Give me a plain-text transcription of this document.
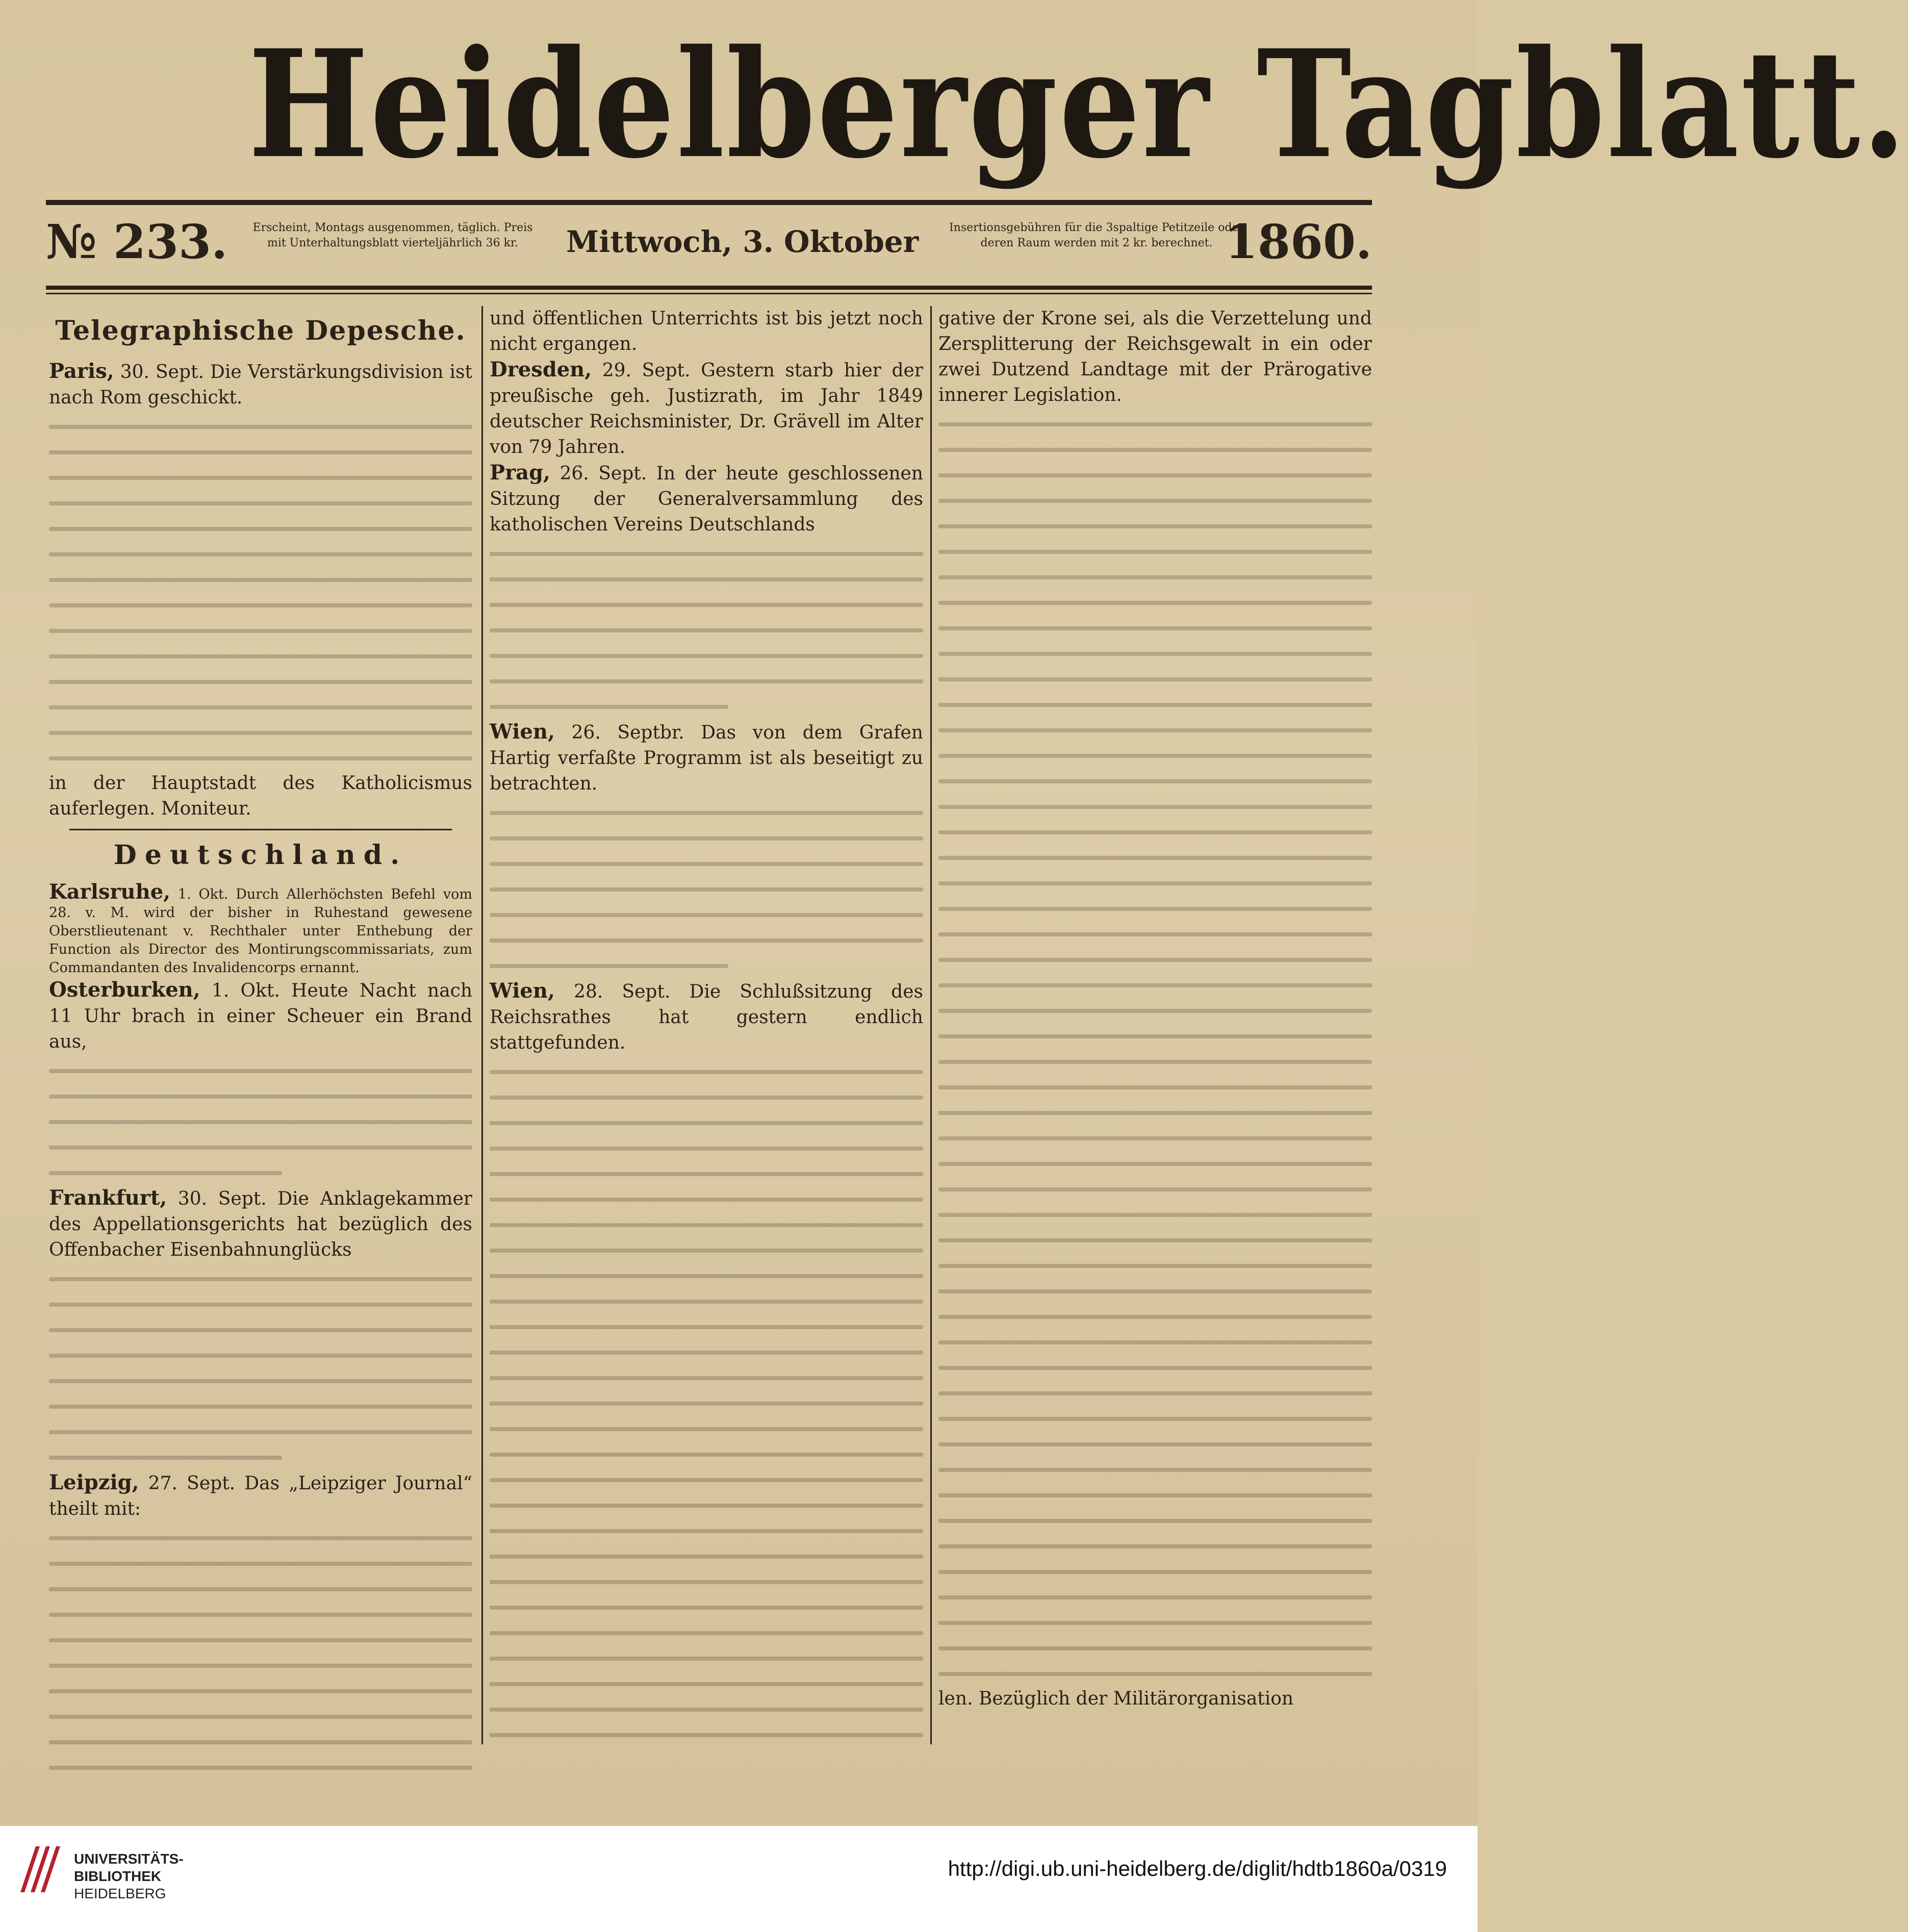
Heidelberger Tagblatt.
№ 233. Erscheint, Montags ausgenommen, täglich. Preis mit Unterhaltungsblatt vierteljährlich 36 kr.	Mittwoch, 3. Oktober	Insertionsgebühren für die 3spaltige Petitzeile oder deren Raum werden mit 2 kr. berechnet. 1860.
Telegraphische Depesche.

Paris, 30. Sept. Die Verstärkungsdivision ist nach Rom geschickt.

in der Hauptstadt des Katholicismus auferlegen. Moniteur.

Deutschland.

Karlsruhe, 1. Okt. Durch Allerhöchsten Befehl vom 28. v. M. wird der bisher in Ruhestand gewesene Oberstlieutenant v. Rechthaler unter Enthebung der Function als Director des Montirungscommissariats, zum Commandanten des Invalidencorps ernannt.

Osterburken, 1. Okt. Heute Nacht nach 11 Uhr brach in einer Scheuer ein Brand aus,

Frankfurt, 30. Sept. Die Anklagekammer des Appellationsgerichts hat bezüglich des Offenbacher Eisenbahnunglücks

Leipzig, 27. Sept. Das „Leipziger Journal“ theilt mit:

und öffentlichen Unterrichts ist bis jetzt noch nicht ergangen.

Dresden, 29. Sept. Gestern starb hier der preußische geh. Justizrath, im Jahr 1849 deutscher Reichsminister, Dr. Grävell im Alter von 79 Jahren.

Prag, 26. Sept. In der heute geschlossenen Sitzung der Generalversammlung des katholischen Vereins Deutschlands

Wien, 26. Septbr. Das von dem Grafen Hartig verfaßte Programm ist als beseitigt zu betrachten.

Wien, 28. Sept. Die Schlußsitzung des Reichsrathes hat gestern endlich stattgefunden.

gative der Krone sei, als die Verzettelung und Zersplitterung der Reichsgewalt in ein oder zwei Dutzend Landtage mit der Prärogative innerer Legislation.

len. Bezüglich der Militärorganisation

UNIVERSITÄTS-
BIBLIOTHEK
HEIDELBERG
http://digi.ub.uni-heidelberg.de/diglit/hdtb1860a/0319
